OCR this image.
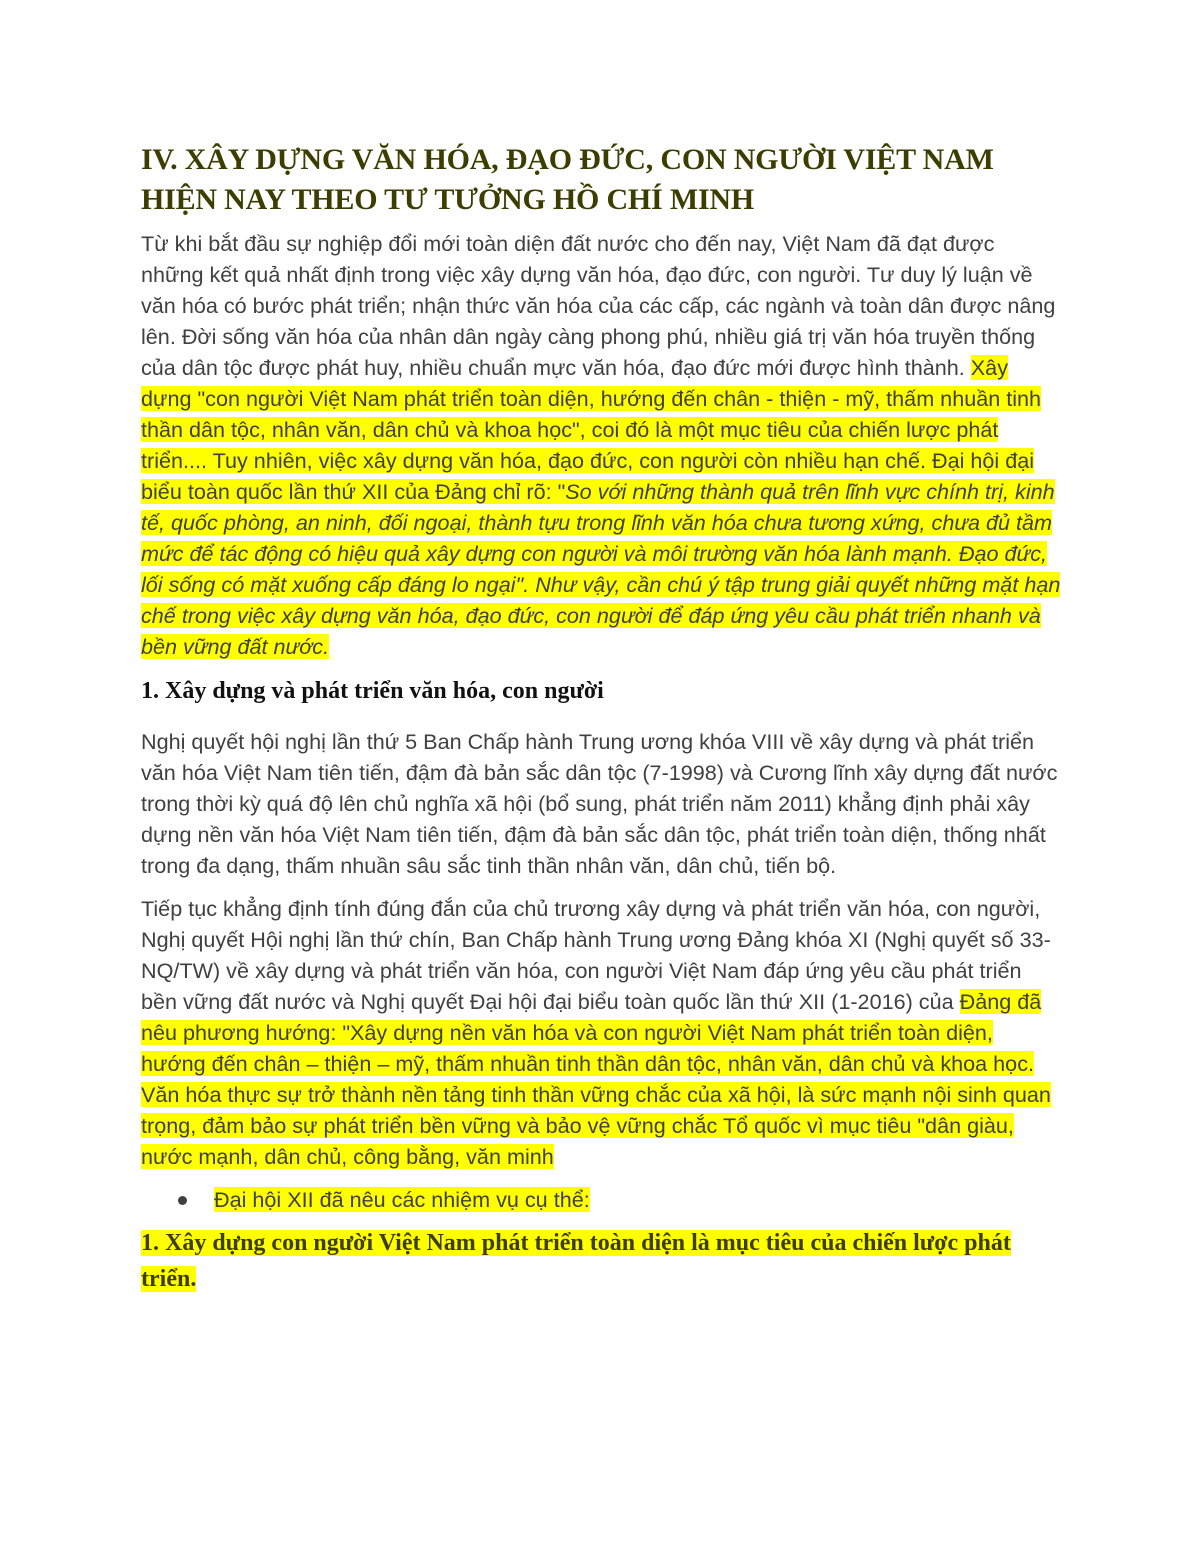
IV. XÂY DỰNG VĂN HÓA, ĐẠO ĐỨC, CON NGƯỜI VIỆT NAM HIỆN NAY THEO TƯ TƯỞNG HỒ CHÍ MINH

Từ khi bắt đầu sự nghiệp đổi mới toàn diện đất nước cho đến nay, Việt Nam đã đạt được những kết quả nhất định trong việc xây dựng văn hóa, đạo đức, con người. Tư duy lý luận về văn hóa có bước phát triển; nhận thức văn hóa của các cấp, các ngành và toàn dân được nâng lên. Đời sống văn hóa của nhân dân ngày càng phong phú, nhiều giá trị văn hóa truyền thống của dân tộc được phát huy, nhiều chuẩn mực văn hóa, đạo đức mới được hình thành. Xây dựng "con người Việt Nam phát triển toàn diện, hướng đến chân - thiện - mỹ, thấm nhuần tinh thần dân tộc, nhân văn, dân chủ và khoa học", coi đó là một mục tiêu của chiến lược phát triển.... Tuy nhiên, việc xây dựng văn hóa, đạo đức, con người còn nhiều hạn chế. Đại hội đại biểu toàn quốc lần thứ XII của Đảng chỉ rõ: "So với những thành quả trên lĩnh vực chính trị, kinh tế, quốc phòng, an ninh, đối ngoại, thành tựu trong lĩnh văn hóa chưa tương xứng, chưa đủ tầm mức để tác động có hiệu quả xây dựng con người và môi trường văn hóa lành mạnh. Đạo đức, lối sống có mặt xuống cấp đáng lo ngại". Như vậy, cần chú ý tập trung giải quyết những mặt hạn chế trong việc xây dựng văn hóa, đạo đức, con người để đáp ứng yêu cầu phát triển nhanh và bền vững đất nước.

1. Xây dựng và phát triển văn hóa, con người

Nghị quyết hội nghị lần thứ 5 Ban Chấp hành Trung ương khóa VIII về xây dựng và phát triển văn hóa Việt Nam tiên tiến, đậm đà bản sắc dân tộc (7-1998) và Cương lĩnh xây dựng đất nước trong thời kỳ quá độ lên chủ nghĩa xã hội (bổ sung, phát triển năm 2011) khẳng định phải xây dựng nền văn hóa Việt Nam tiên tiến, đậm đà bản sắc dân tộc, phát triển toàn diện, thống nhất trong đa dạng, thấm nhuần sâu sắc tinh thần nhân văn, dân chủ, tiến bộ.

Tiếp tục khẳng định tính đúng đắn của chủ trương xây dựng và phát triển văn hóa, con người, Nghị quyết Hội nghị lần thứ chín, Ban Chấp hành Trung ương Đảng khóa XI (Nghị quyết số 33-NQ/TW) về xây dựng và phát triển văn hóa, con người Việt Nam đáp ứng yêu cầu phát triển bền vững đất nước và Nghị quyết Đại hội đại biểu toàn quốc lần thứ XII (1-2016) của Đảng đã nêu phương hướng: "Xây dựng nền văn hóa và con người Việt Nam phát triển toàn diện, hướng đến chân – thiện – mỹ, thấm nhuần tinh thần dân tộc, nhân văn, dân chủ và khoa học. Văn hóa thực sự trở thành nền tảng tinh thần vững chắc của xã hội, là sức mạnh nội sinh quan trọng, đảm bảo sự phát triển bền vững và bảo vệ vững chắc Tổ quốc vì mục tiêu "dân giàu, nước mạnh, dân chủ, công bằng, văn minh

Đại hội XII đã nêu các nhiệm vụ cụ thể:
1. Xây dựng con người Việt Nam phát triển toàn diện là mục tiêu của chiến lược phát triển.
